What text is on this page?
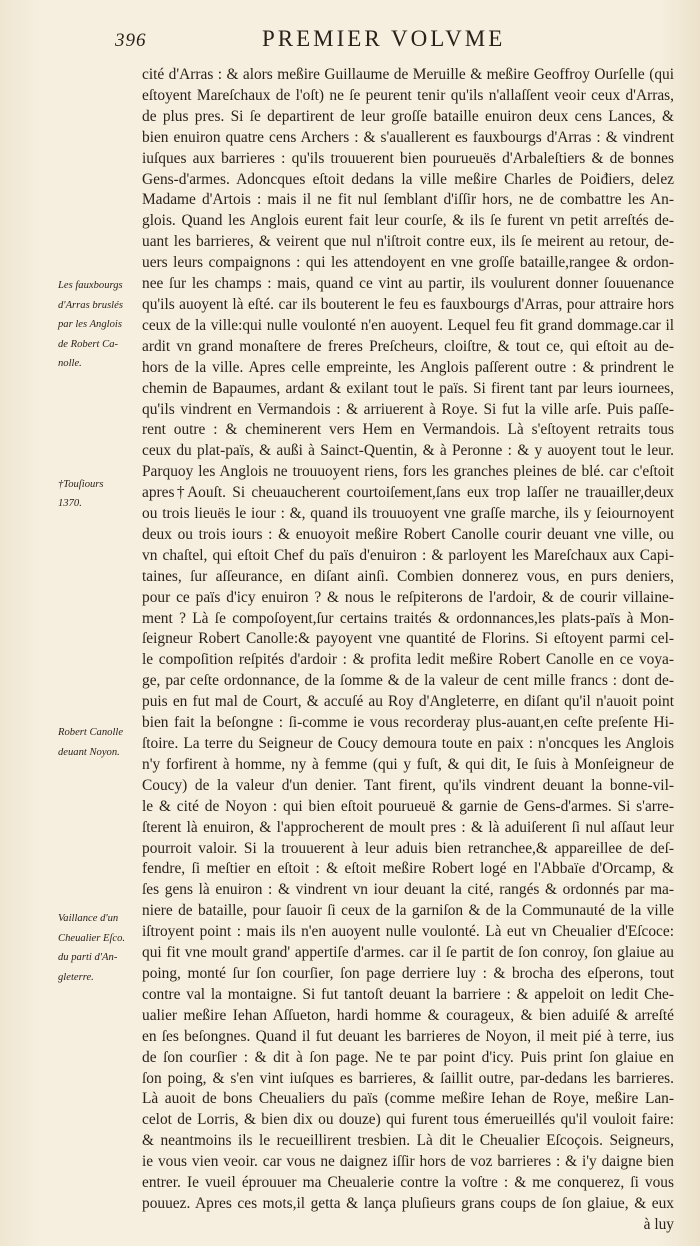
396	PREMIER VOLVME
cité d'Arras : & alors meßire Guillaume de Meruille & meßire Geoffroy Ourſelle (qui
eſtoyent Mareſchaux de l'oſt) ne ſe peurent tenir qu'ils n'allaſſent veoir ceux d'Arras,
de plus pres. Si ſe departirent de leur groſſe bataille enuiron deux cens Lances, &
bien enuiron quatre cens Archers : & s'auallerent es fauxbourgs d'Arras : & vindrent
iuſques aux barrieres : qu'ils trouuerent bien pourueuës d'Arbaleſtiers & de bonnes
Gens-d'armes. Adoncques eſtoit dedans la ville meßire Charles de Poiđiers, delez
Madame d'Artois : mais il ne fit nul ſemblant d'iſſir hors, ne de combattre les An-
glois. Quand les Anglois eurent fait leur courſe, & ils ſe furent vn petit arreſtés de-
uant les barrieres, & veirent que nul n'iſtroit contre eux, ils ſe meirent au retour, de-
uers leurs compaignons : qui les attendoyent en vne groſſe bataille,rangee & ordon-
nee ſur les champs : mais, quand ce vint au partir, ils voulurent donner ſouuenance
qu'ils auoyent là eſté. car ils bouterent le feu es fauxbourgs d'Arras, pour attraire hors
ceux de la ville:qui nulle voulonté n'en auoyent. Lequel feu fit grand dommage.car il
ardit vn grand monaſtere de freres Preſcheurs, cloiſtre, & tout ce, qui eſtoit au de-
hors de la ville. Apres celle empreinte, les Anglois paſſerent outre : & prindrent le
chemin de Bapaumes, ardant & exilant tout le païs. Si firent tant par leurs iournees,
qu'ils vindrent en Vermandois : & arriuerent à Roye. Si fut la ville arſe. Puis paſſe-
rent outre : & cheminerent vers Hem en Vermandois. Là s'eſtoyent retraits tous
ceux du plat-païs, & außi à Sainct-Quentin, & à Peronne : & y auoyent tout le leur.
Parquoy les Anglois ne trouuoyent riens, fors les granches pleines de blé. car c'eſtoit
apres†Aouſt. Si cheuaucherent courtoiſement,ſans eux trop laſſer ne trauailler,deux
ou trois lieuës le iour : &, quand ils trouuoyent vne graſſe marche, ils y ſeiournoyent
deux ou trois iours : & enuoyoit meßire Robert Canolle courir deuant vne ville, ou
vn chaſtel, qui eſtoit Chef du païs d'enuiron : & parloyent les Mareſchaux aux Capi-
taines, ſur aſſeurance, en diſant ainſi. Combien donnerez vous, en purs deniers,
pour ce païs d'icy enuiron ? & nous le reſpiterons de l'ardoir, & de courir villaine-
ment ? Là ſe compoſoyent,ſur certains traités & ordonnances,les plats-païs à Mon-
ſeigneur Robert Canolle:& payoyent vne quantité de Florins. Si eſtoyent parmi cel-
le compoſition reſpités d'ardoir : & profita ledit meßire Robert Canolle en ce voya-
ge, par ceſte ordonnance, de la ſomme & de la valeur de cent mille francs : dont de-
puis en fut mal de Court, & accuſé au Roy d'Angleterre, en diſant qu'il n'auoit point
bien fait la beſongne : ſi-comme ie vous recorderay plus-auant,en ceſte preſente Hi-
ſtoire. La terre du Seigneur de Coucy demoura toute en paix : n'oncques les Anglois
n'y forfirent à homme, ny à femme (qui y fuſt, & qui dit, Ie ſuis à Monſeigneur de
Coucy) de la valeur d'un denier. Tant firent, qu'ils vindrent deuant la bonne-vil-
le & cité de Noyon : qui bien eſtoit pourueuë & garnie de Gens-d'armes. Si s'arre-
ſterent là enuiron, & l'approcherent de moult pres : & là aduiſerent ſi nul aſſaut leur
pourroit valoir. Si la trouuerent à leur aduis bien retranchee,& appareillee de deſ-
fendre, ſi meſtier en eſtoit : & eſtoit meßire Robert logé en l'Abbaïe d'Orcamp, &
ſes gens là enuiron : & vindrent vn iour deuant la cité, rangés & ordonnés par ma-
niere de bataille, pour ſauoir ſi ceux de la garniſon & de la Communauté de la ville
iſtroyent point : mais ils n'en auoyent nulle voulonté. Là eut vn Cheualier d'Eſcoce:
qui fit vne moult grand' appertiſe d'armes. car il ſe partit de ſon conroy, ſon glaiue au
poing, monté ſur ſon courſier, ſon page derriere luy : & brocha des eſperons, tout
contre val la montaigne. Si fut tantoſt deuant la barriere : & appeloit on ledit Che-
ualier meßire Iehan Aſſueton, hardi homme & courageux, & bien aduiſé & arreſté
en ſes beſongnes. Quand il fut deuant les barrieres de Noyon, il meit pié à terre, ius
de ſon courſier : & dit à ſon page. Ne te par point d'icy. Puis print ſon glaiue en
ſon poing, & s'en vint iuſques es barrieres, & ſaillit outre, par-dedans les barrieres.
Là auoit de bons Cheualiers du païs (comme meßire Iehan de Roye, meßire Lan-
celot de Lorris, & bien dix ou douze) qui furent tous émerueillés qu'il vouloit faire:
& neantmoins ils le recueillirent tresbien. Là dit le Cheualier Eſcoçois. Seigneurs,
ie vous vien veoir. car vous ne daignez iſſir hors de voz barrieres : & i'y daigne bien
entrer. Ie vueil éprouuer ma Cheualerie contre la voſtre : & me conquerez, ſi vous
pouuez. Apres ces mots,il getta & lança pluſieurs grans coups de ſon glaiue, & eux
à luy
Les fauxbourgs
d'Arras bruslés
par les Anglois
de Robert Ca-
nolle.
†Touſiours
1370.
Robert Canolle
deuant Noyon.
Vaillance d'un
Cheualier Eſco.
du parti d'An-
gleterre.
